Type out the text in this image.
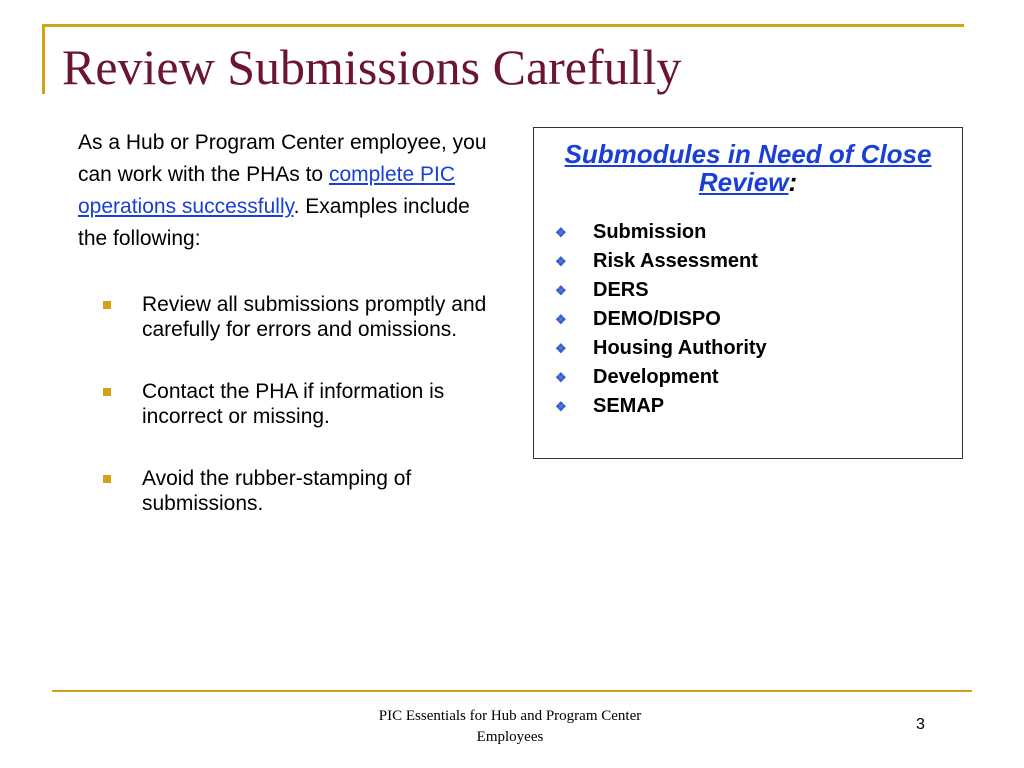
Review Submissions Carefully
As a Hub or Program Center employee, you can work with the PHAs to complete PIC operations successfully. Examples include the following:
Review all submissions promptly and carefully for errors and omissions.
Contact the PHA if information is incorrect or missing.
Avoid the rubber-stamping of submissions.
Submodules in Need of Close Review:
❖ Submission
❖ Risk Assessment
❖ DERS
❖ DEMO/DISPO
❖ Housing Authority
❖ Development
❖ SEMAP
PIC Essentials for Hub and Program Center Employees
3
